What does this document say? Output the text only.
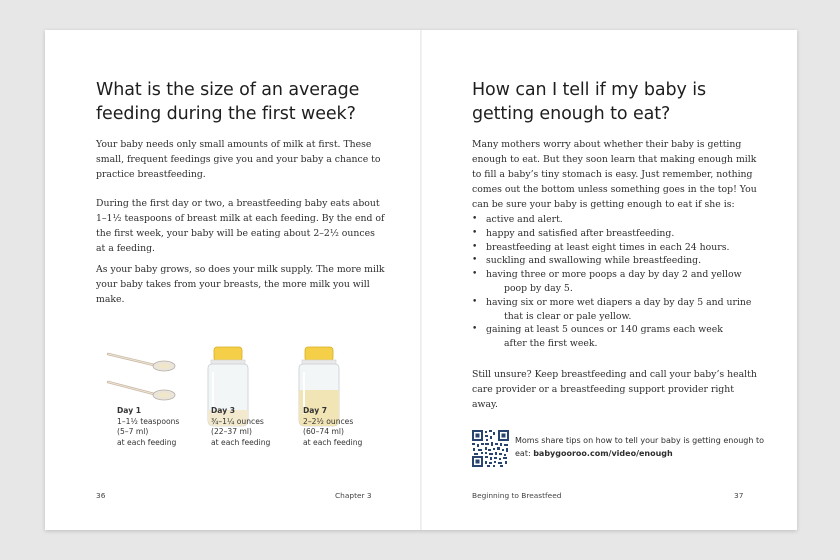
What is the size of an average feeding during the first week?

Your baby needs only small amounts of milk at first. These small, frequent feedings give you and your baby a chance to practice breastfeeding.

During the first day or two, a breastfeeding baby eats about 1–1½ teaspoons of breast milk at each feeding. By the end of the first week, your baby will be eating about 2–2½ ounces at a feeding.

As your baby grows, so does your milk supply. The more milk your baby takes from your breasts, the more milk you will make.

Day 1
1–1½ teaspoons
(5–7 ml)
at each feeding
Day 3
¾–1¼ ounces
(22–37 ml)
at each feeding
Day 7
2–2½ ounces
(60–74 ml)
at each feeding
36	Chapter 3
How can I tell if my baby is getting enough to eat?

Many mothers worry about whether their baby is getting enough to eat. But they soon learn that making enough milk to fill a baby’s tiny stomach is easy. Just remember, nothing comes out the bottom unless something goes in the top! You can be sure your baby is getting enough to eat if she is:

• active and alert.
• happy and satisfied after breastfeeding.
• breastfeeding at least eight times in each 24 hours.
• suckling and swallowing while breastfeeding.
• having three or more poops a day by day 2 and yellow
poop by day 5.
• having six or more wet diapers a day by day 5 and urine
that is clear or pale yellow.
• gaining at least 5 ounces or 140 grams each week
after the first week.

Still unsure? Keep breastfeeding and call your baby’s health care provider or a breastfeeding support provider right away.

Moms share tips on how to tell your baby is getting enough to eat: babygooroo.com/video/enough
Beginning to Breastfeed	37
